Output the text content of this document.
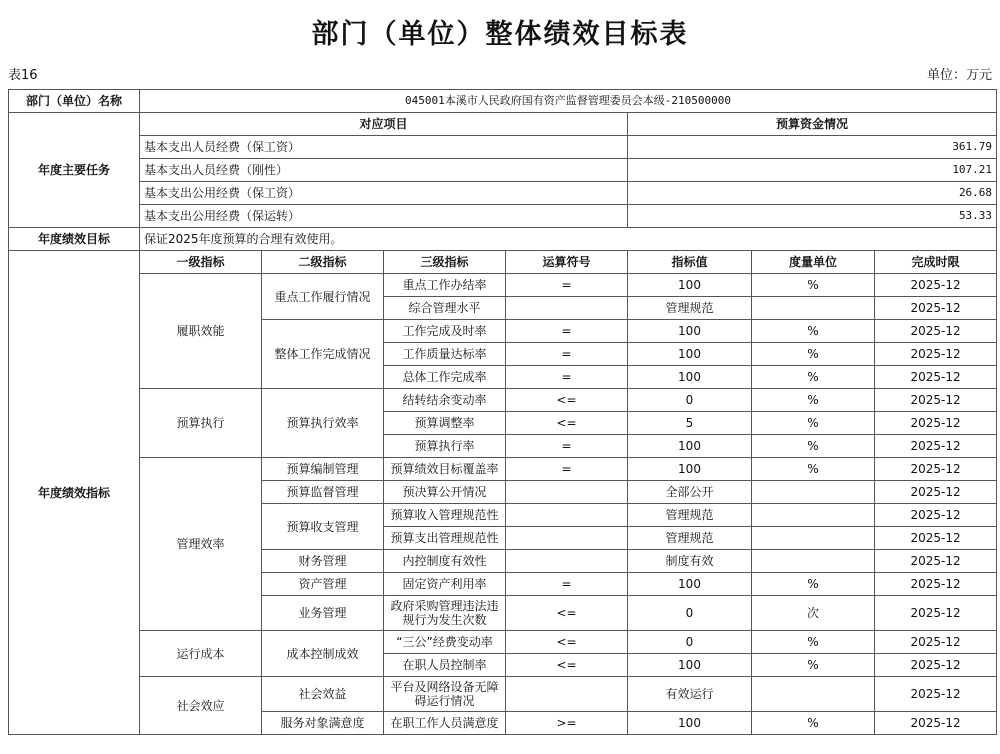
部门（单位）整体绩效目标表
表16	单位：万元
部门（单位）名称	045001本溪市人民政府国有资产监督管理委员会本级-210500000						
年度主要任务	对应项目				预算资金情况		
	基本支出人员经费（保工资）				361.79		
	基本支出人员经费（刚性）				107.21		
	基本支出公用经费（保工资）				26.68		
	基本支出公用经费（保运转）				53.33		
年度绩效目标	保证2025年度预算的合理有效使用。						
年度绩效指标	一级指标	二级指标	三级指标	运算符号	指标值	度量单位	完成时限
	履职效能	重点工作履行情况	重点工作办结率	=	100	%	2025-12
			综合管理水平		管理规范		2025-12
		整体工作完成情况	工作完成及时率	=	100	%	2025-12
			工作质量达标率	=	100	%	2025-12
			总体工作完成率	=	100	%	2025-12
	预算执行	预算执行效率	结转结余变动率	<=	0	%	2025-12
			预算调整率	<=	5	%	2025-12
			预算执行率	=	100	%	2025-12
	管理效率	预算编制管理	预算绩效目标覆盖率	=	100	%	2025-12
		预算监督管理	预决算公开情况		全部公开		2025-12
		预算收支管理	预算收入管理规范性		管理规范		2025-12
			预算支出管理规范性		管理规范		2025-12
		财务管理	内控制度有效性		制度有效		2025-12
		资产管理	固定资产利用率	=	100	%	2025-12
		业务管理	政府采购管理违法违规行为发生次数	<=	0	次	2025-12
	运行成本	成本控制成效	“三公”经费变动率	<=	0	%	2025-12
			在职人员控制率	<=	100	%	2025-12
	社会效应	社会效益	平台及网络设备无障碍运行情况		有效运行		2025-12
		服务对象满意度	在职工作人员满意度	>=	100	%	2025-12
